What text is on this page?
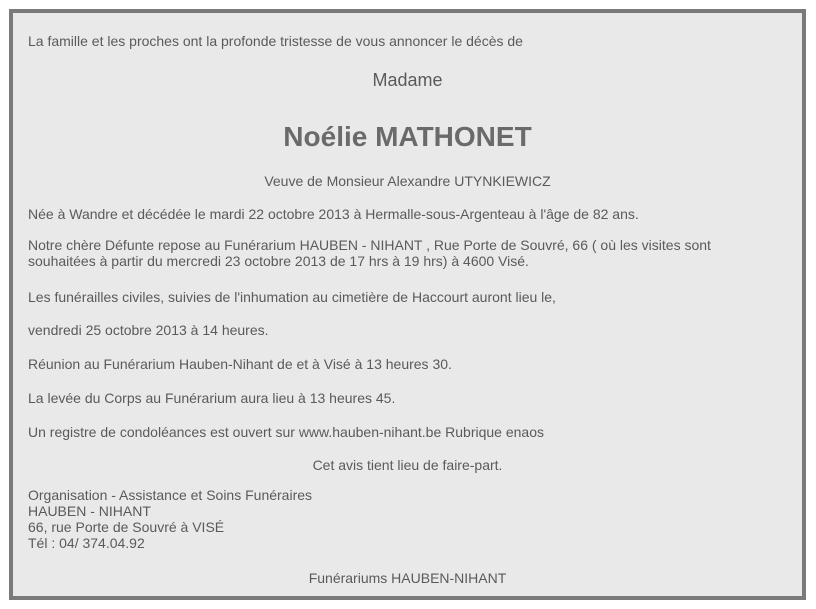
La famille et les proches ont la profonde tristesse de vous annoncer le décès de
Madame
Noélie MATHONET
Veuve de Monsieur Alexandre UTYNKIEWICZ
Née à Wandre et décédée le mardi 22 octobre 2013 à Hermalle-sous-Argenteau à l'âge de 82 ans.
Notre chère Défunte repose au Funérarium HAUBEN - NIHANT , Rue Porte de Souvré, 66 ( où les visites sont
souhaitées à partir du mercredi 23 octobre 2013 de 17 hrs à 19 hrs) à 4600 Visé.
Les funérailles civiles, suivies de l'inhumation au cimetière de Haccourt auront lieu le,
vendredi 25 octobre 2013 à 14 heures.
Réunion au Funérarium Hauben-Nihant de et à Visé à 13 heures 30.
La levée du Corps au Funérarium aura lieu à 13 heures 45.
Un registre de condoléances est ouvert sur www.hauben-nihant.be Rubrique enaos
Cet avis tient lieu de faire-part.
Organisation - Assistance et Soins Funéraires
HAUBEN - NIHANT
66, rue Porte de Souvré à VISÉ
Tél : 04/ 374.04.92
Funérariums HAUBEN-NIHANT
